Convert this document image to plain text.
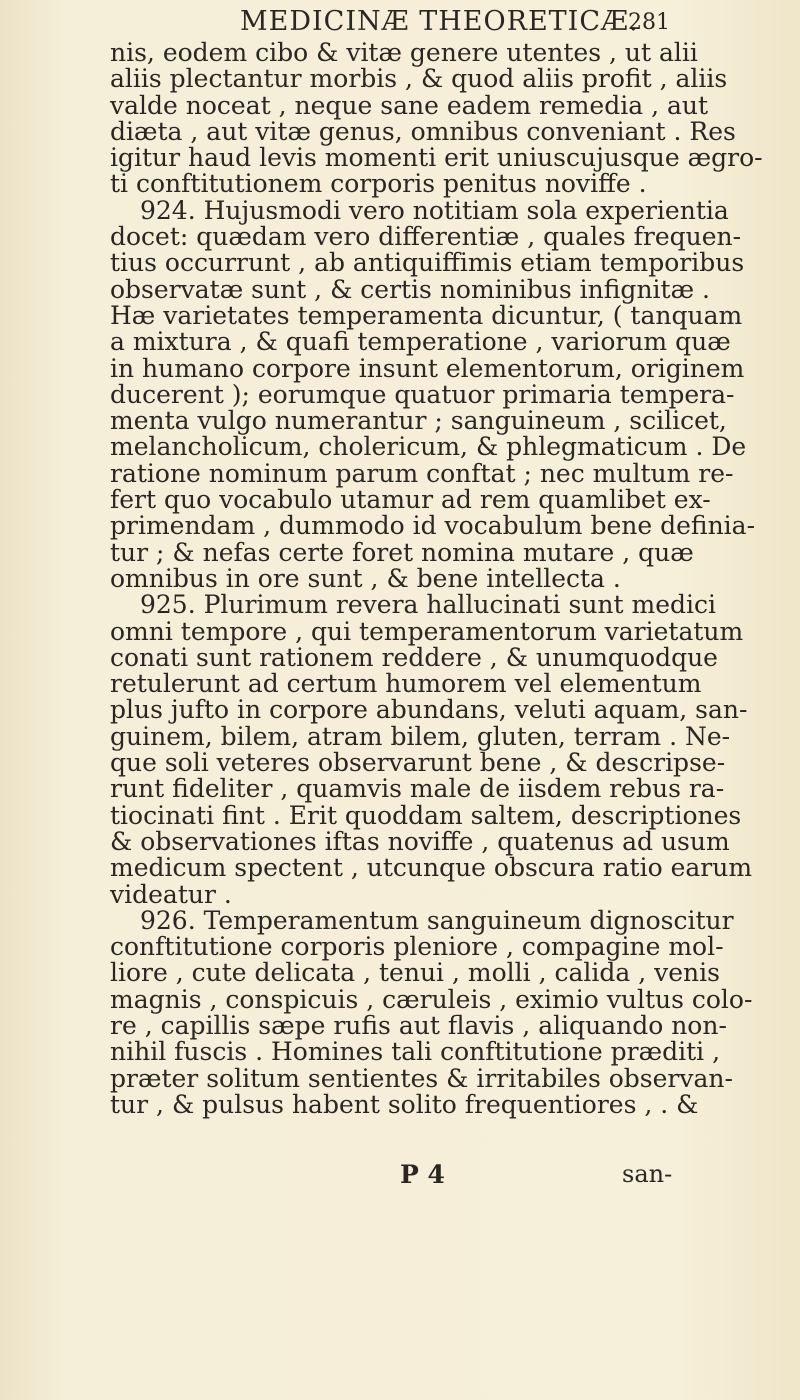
MEDICINÆ THEORETICÆ.
281
nis, eodem cibo & vitæ genere utentes , ut alii
aliis plectantur morbis , & quod aliis profit , aliis
valde noceat , neque sane eadem remedia , aut
diæta , aut vitæ genus, omnibus conveniant . Res
igitur haud levis momenti erit uniuscujusque ægro-
ti conftitutionem corporis penitus noviffe .
924. Hujusmodi vero notitiam sola experientia
docet: quædam vero differentiæ , quales frequen-
tius occurrunt , ab antiquiffimis etiam temporibus
observatæ sunt , & certis nominibus infignitæ .
Hæ varietates temperamenta dicuntur, ( tanquam
a mixtura , & quafi temperatione , variorum quæ
in humano corpore insunt elementorum, originem
ducerent ); eorumque quatuor primaria tempera-
menta vulgo numerantur ; sanguineum , scilicet,
melancholicum, cholericum, & phlegmaticum . De
ratione nominum parum conftat ; nec multum re-
fert quo vocabulo utamur ad rem quamlibet ex-
primendam , dummodo id vocabulum bene definia-
tur ; & nefas certe foret nomina mutare , quæ
omnibus in ore sunt , & bene intellecta .
925. Plurimum revera hallucinati sunt medici
omni tempore , qui temperamentorum varietatum
conati sunt rationem reddere , & unumquodque
retulerunt ad certum humorem vel elementum
plus jufto in corpore abundans, veluti aquam, san-
guinem, bilem, atram bilem, gluten, terram . Ne-
que soli veteres observarunt bene , & descripse-
runt fideliter , quamvis male de iisdem rebus ra-
tiocinati fint . Erit quoddam saltem, descriptiones
& observationes iftas noviffe , quatenus ad usum
medicum spectent , utcunque obscura ratio earum
videatur .
926. Temperamentum sanguineum dignoscitur
conftitutione corporis pleniore , compagine mol-
liore , cute delicata , tenui , molli , calida , venis
magnis , conspicuis , cæruleis , eximio vultus colo-
re , capillis sæpe rufis aut flavis , aliquando non-
nihil fuscis . Homines tali conftitutione præditi ,
præter solitum sentientes & irritabiles observan-
tur , & pulsus habent solito frequentiores , . &
P 4	san-
